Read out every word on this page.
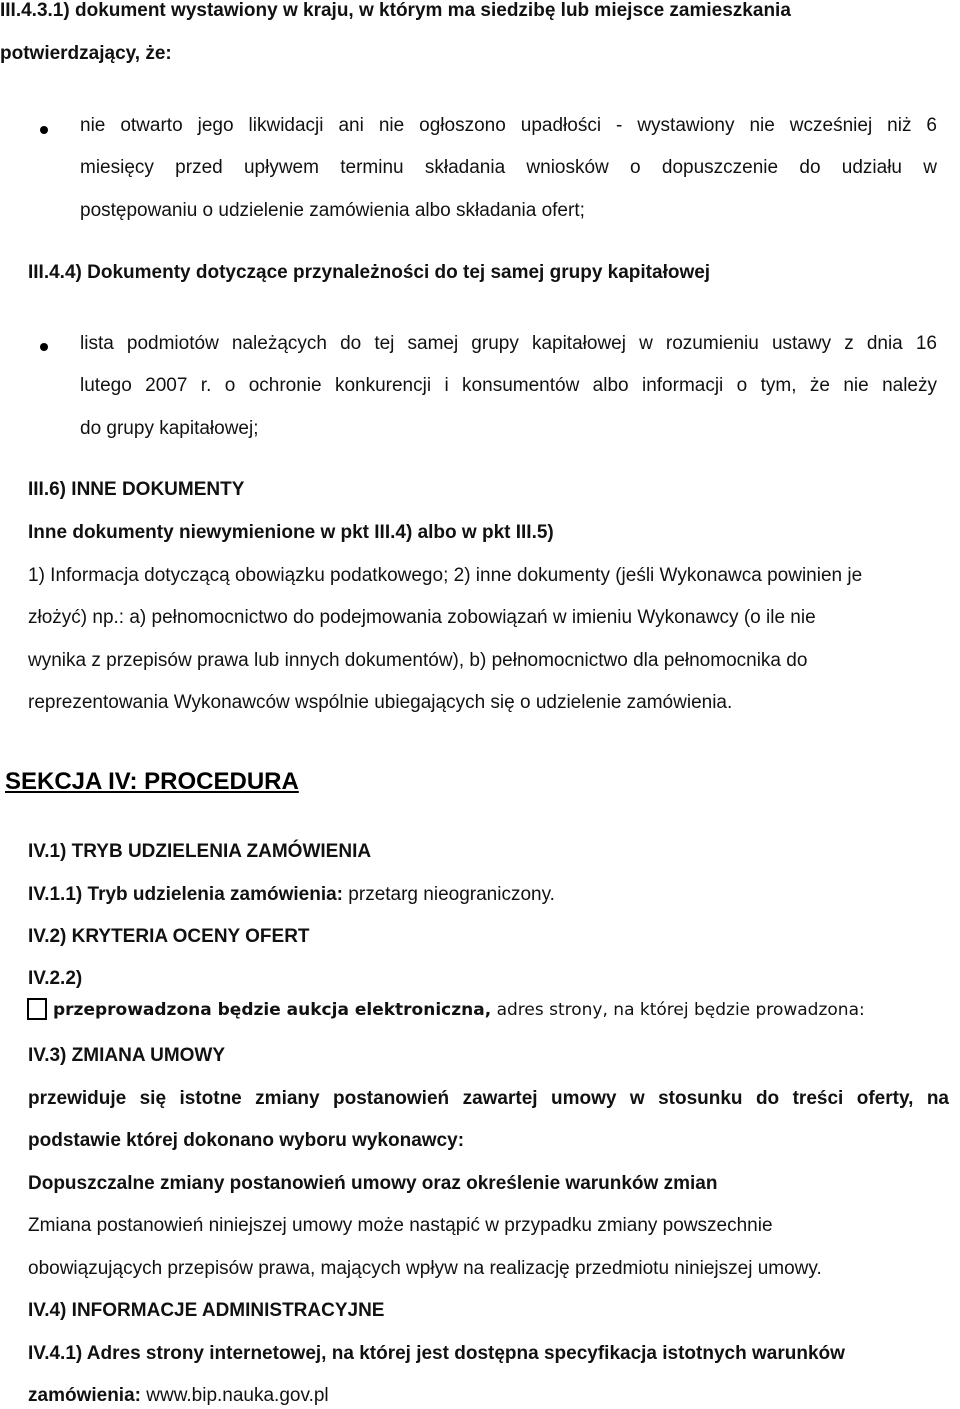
III.4.3.1) dokument wystawiony w kraju, w którym ma siedzibę lub miejsce zamieszkania
potwierdzający, że:
nie otwarto jego likwidacji ani nie ogłoszono upadłości - wystawiony nie wcześniej niż 6
miesięcy przed upływem terminu składania wniosków o dopuszczenie do udziału w
postępowaniu o udzielenie zamówienia albo składania ofert;
III.4.4) Dokumenty dotyczące przynależności do tej samej grupy kapitałowej
lista podmiotów należących do tej samej grupy kapitałowej w rozumieniu ustawy z dnia 16
lutego 2007 r. o ochronie konkurencji i konsumentów albo informacji o tym, że nie należy
do grupy kapitałowej;
III.6) INNE DOKUMENTY
Inne dokumenty niewymienione w pkt III.4) albo w pkt III.5)
1) Informacja dotyczącą obowiązku podatkowego; 2) inne dokumenty (jeśli Wykonawca powinien je
złożyć) np.: a) pełnomocnictwo do podejmowania zobowiązań w imieniu Wykonawcy (o ile nie
wynika z przepisów prawa lub innych dokumentów), b) pełnomocnictwo dla pełnomocnika do
reprezentowania Wykonawców wspólnie ubiegających się o udzielenie zamówienia.
SEKCJA IV: PROCEDURA
IV.1) TRYB UDZIELENIA ZAMÓWIENIA
IV.1.1) Tryb udzielenia zamówienia: przetarg nieograniczony.
IV.2) KRYTERIA OCENY OFERT
IV.2.2)
przeprowadzona będzie aukcja elektroniczna, adres strony, na której będzie prowadzona:
IV.3) ZMIANA UMOWY
przewiduje się istotne zmiany postanowień zawartej umowy w stosunku do treści oferty, na
podstawie której dokonano wyboru wykonawcy:
Dopuszczalne zmiany postanowień umowy oraz określenie warunków zmian
Zmiana postanowień niniejszej umowy może nastąpić w przypadku zmiany powszechnie
obowiązujących przepisów prawa, mających wpływ na realizację przedmiotu niniejszej umowy.
IV.4) INFORMACJE ADMINISTRACYJNE
IV.4.1) Adres strony internetowej, na której jest dostępna specyfikacja istotnych warunków
zamówienia: www.bip.nauka.gov.pl
